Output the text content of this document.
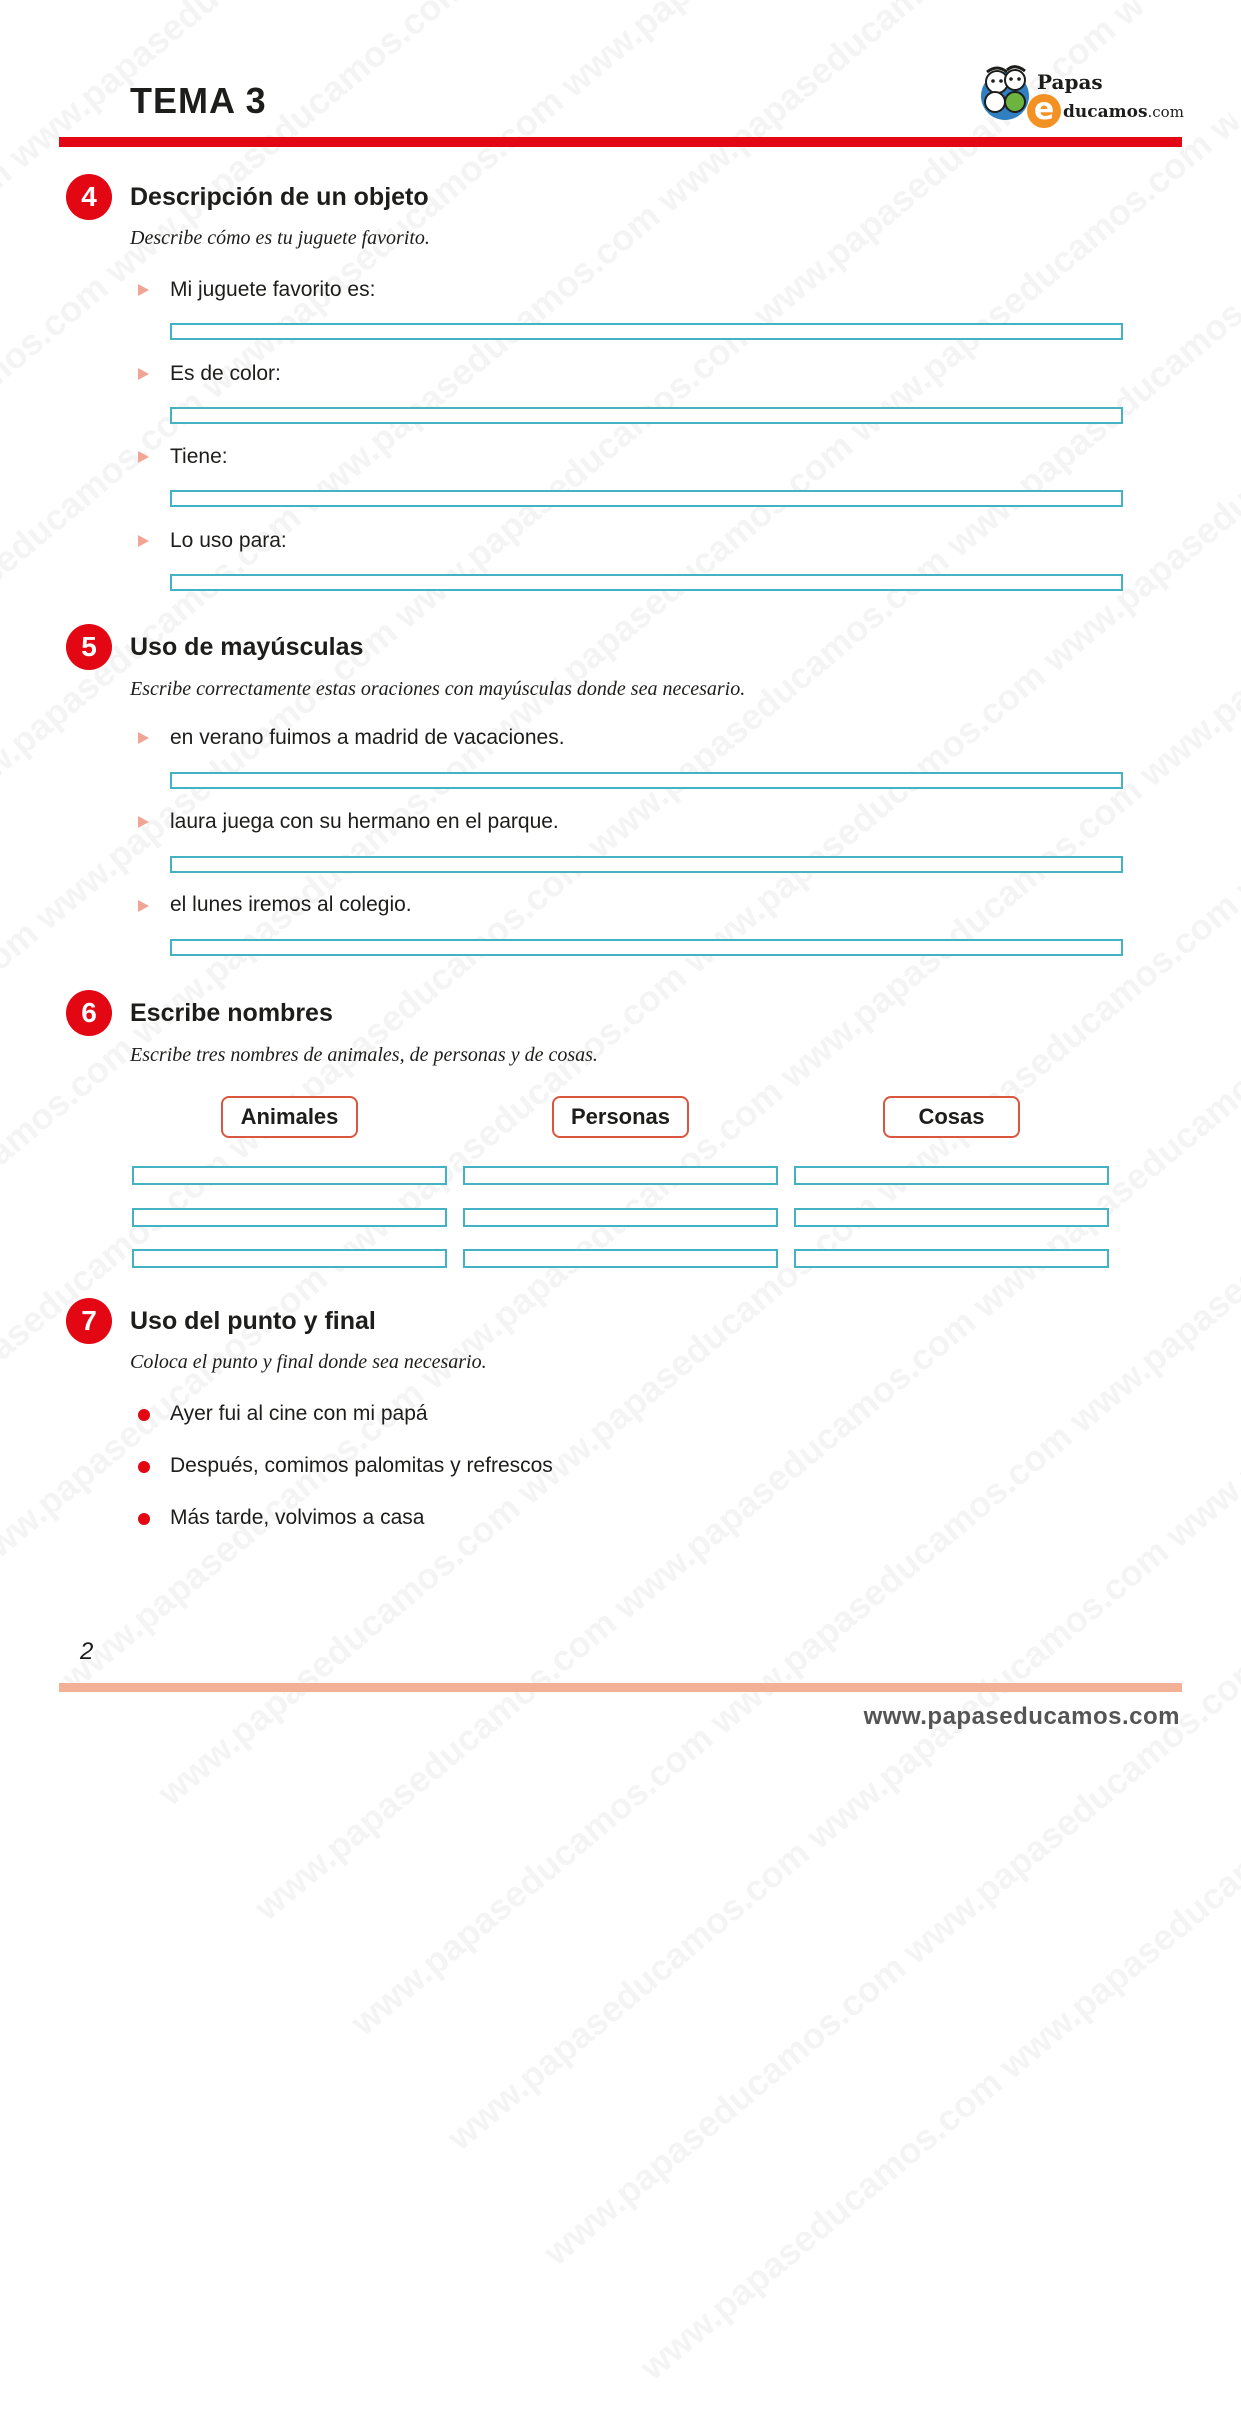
TEMA 3	Papas
e ducamos.com
4	Descripción de un objeto
Describe cómo es tu juguete favorito.
Mi juguete favorito es:
Es de color:
Tiene:
Lo uso para:
5	Uso de mayúsculas
Escribe correctamente estas oraciones con mayúsculas donde sea necesario.
en verano fuimos a madrid de vacaciones.
laura juega con su hermano en el parque.
el lunes iremos al colegio.
6	Escribe nombres
Escribe tres nombres de animales, de personas y de cosas.
Animales	Personas	Cosas
7	Uso del punto y final
Coloca el punto y final donde sea necesario.
Ayer fui al cine con mi papá
Después, comimos palomitas y refrescos
Más tarde, volvimos a casa
2
www.papaseducamos.com
